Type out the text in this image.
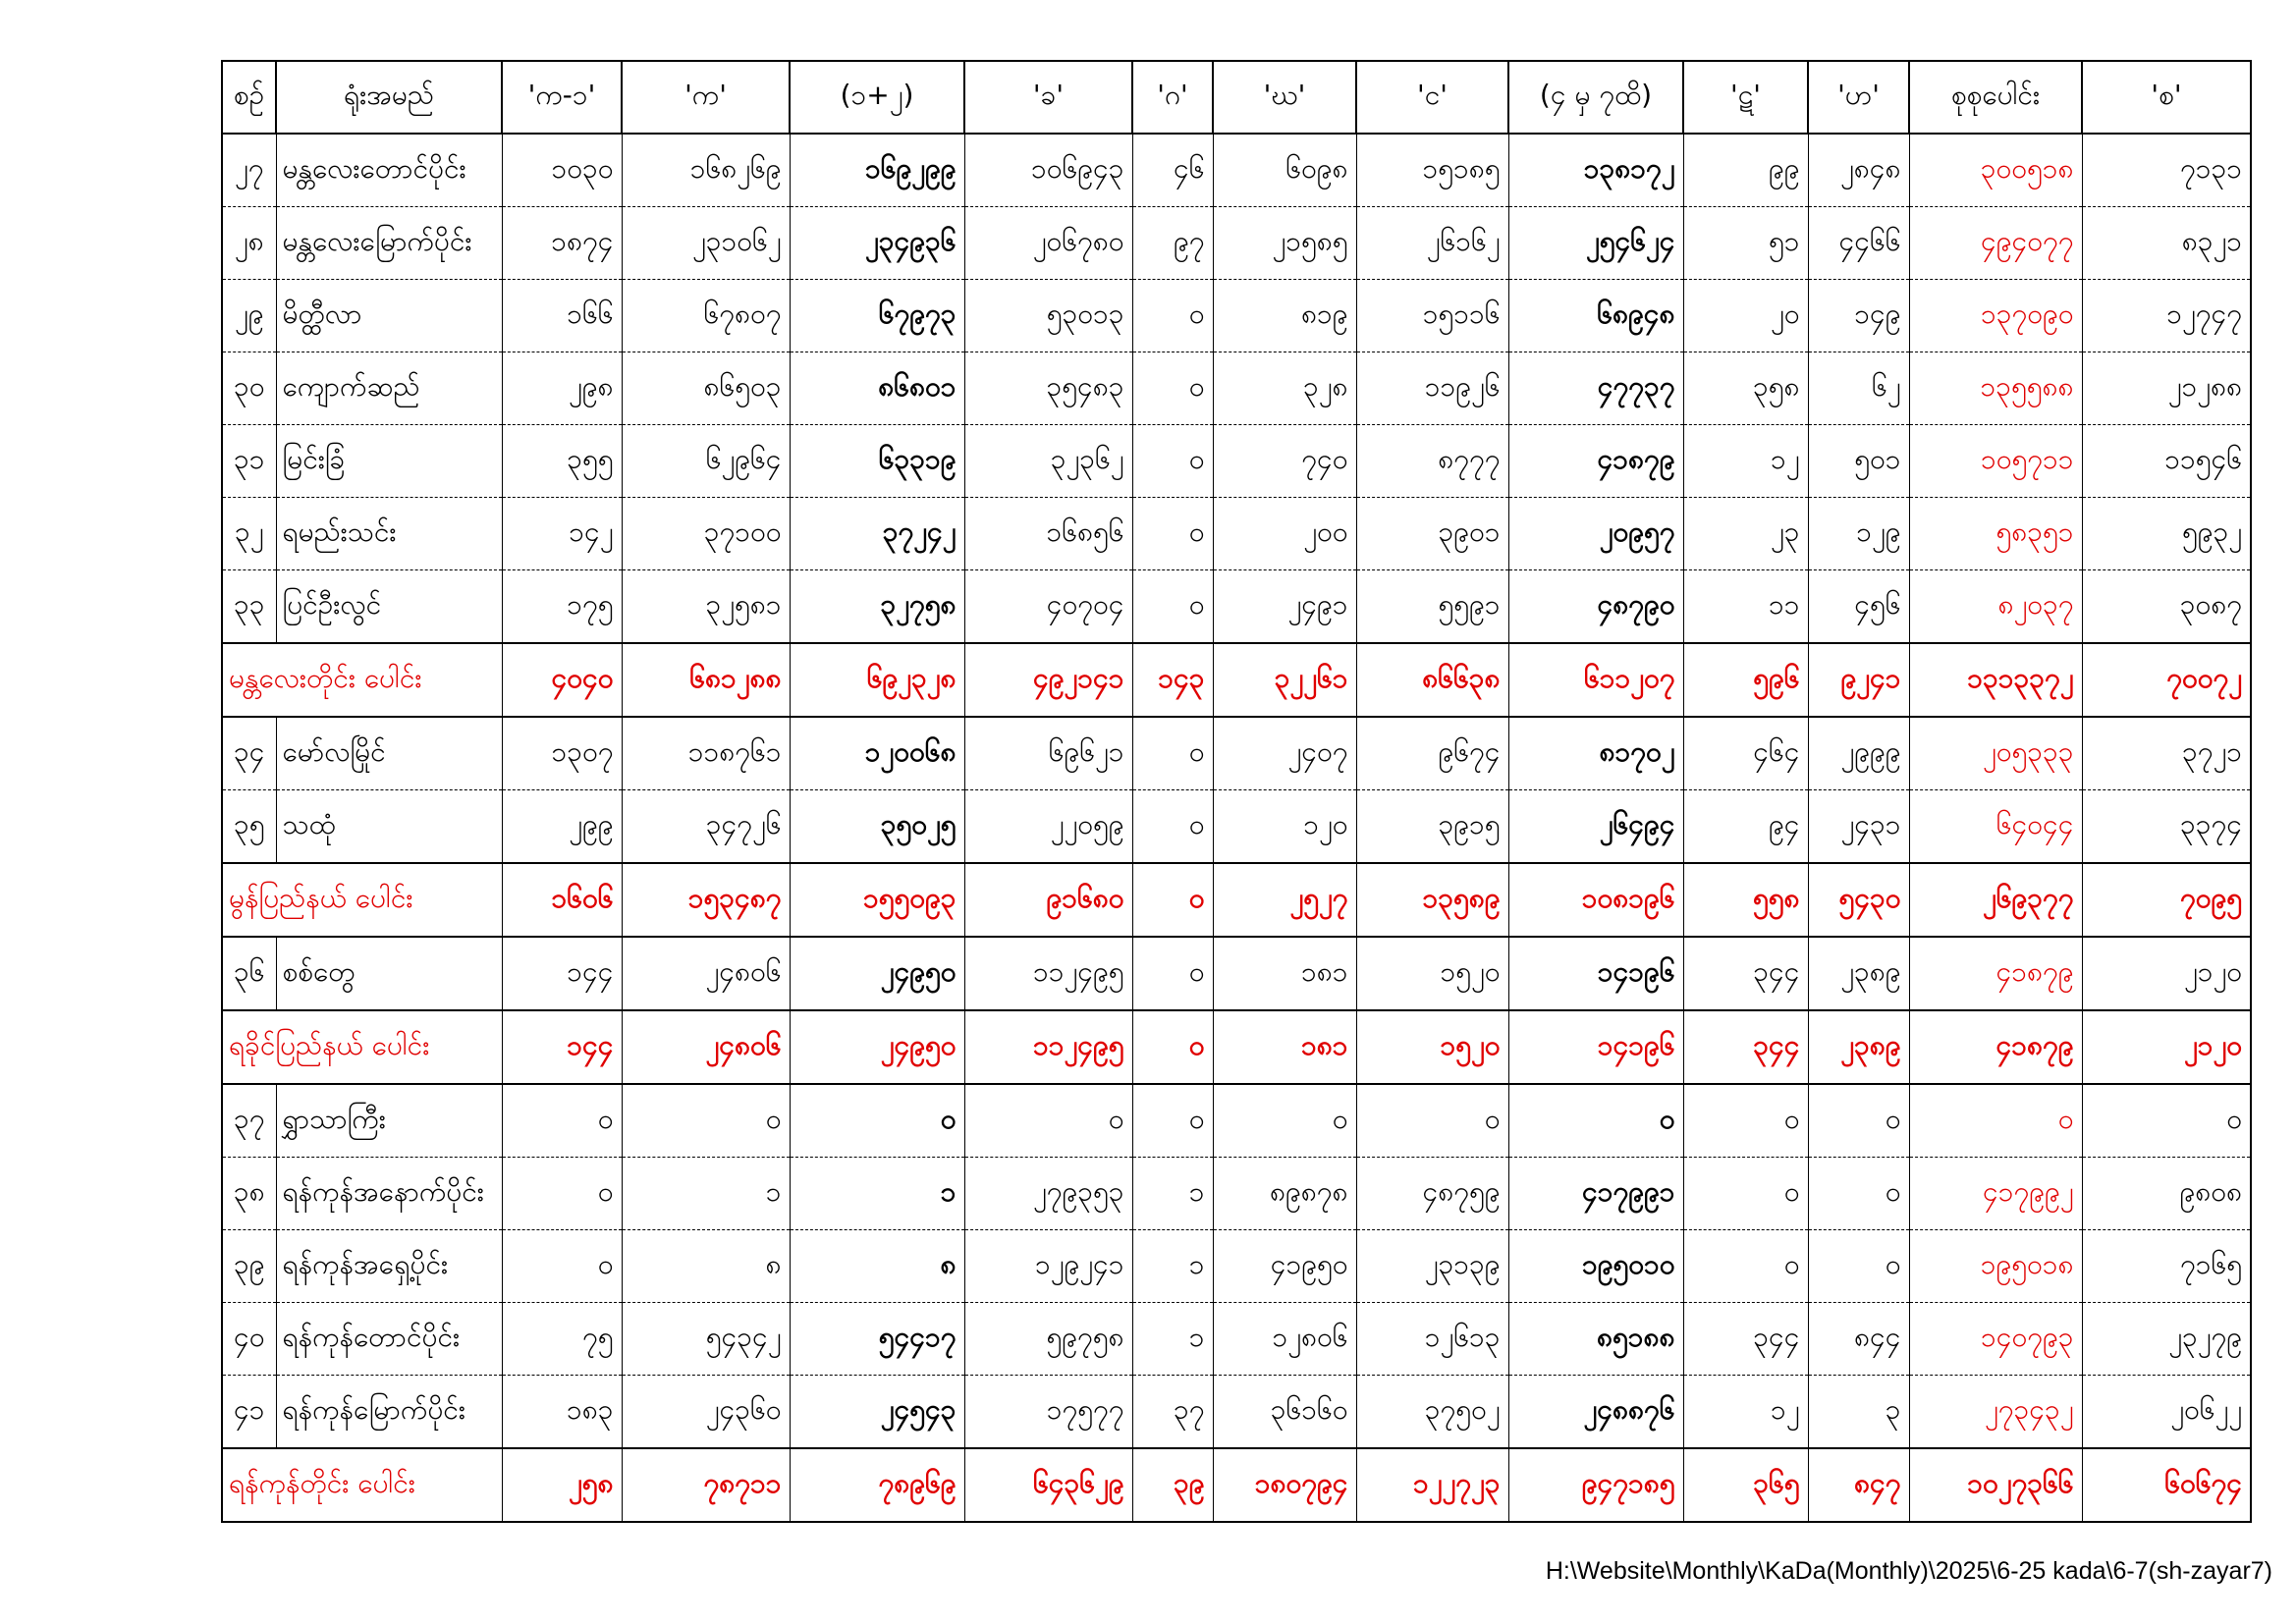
စဉ်	ရုံးအမည်	'က-၁'	'က'	(၁+၂)	'ခ'	'ဂ'	'ဃ'	'င'	(၄ မှ ၇ထိ)	'ဋ'	'ဟ'	စုစုပေါင်း	'စ'
၂၇	မန္တလေးတောင်ပိုင်း	၁၀၃၀	၁၆၈၂၆၉	၁၆၉၂၉၉	၁၀၆၉၄၃	၄၆	၆၀၉၈	၁၅၁၈၅	၁၃၈၁၇၂	၉၉	၂၈၄၈	၃၀၀၅၁၈	၇၁၃၁
၂၈	မန္တလေးမြောက်ပိုင်း	၁၈၇၄	၂၃၁၀၆၂	၂၃၄၉၃၆	၂၀၆၇၈၀	၉၇	၂၁၅၈၅	၂၆၁၆၂	၂၅၄၆၂၄	၅၁	၄၄၆၆	၄၉၄၀၇၇	၈၃၂၁
၂၉	မိတ္ထီလာ	၁၆၆	၆၇၈၀၇	၆၇၉၇၃	၅၃၀၁၃	၀	၈၁၉	၁၅၁၁၆	၆၈၉၄၈	၂၀	၁၄၉	၁၃၇၀၉၀	၁၂၇၄၇
၃၀	ကျောက်ဆည်	၂၉၈	၈၆၅၀၃	၈၆၈၀၁	၃၅၄၈၃	၀	၃၂၈	၁၁၉၂၆	၄၇၇၃၇	၃၅၈	၆၂	၁၃၅၅၈၈	၂၁၂၈၈
၃၁	မြင်းခြံ	၃၅၅	၆၂၉၆၄	၆၃၃၁၉	၃၂၃၆၂	၀	၇၄၀	၈၇၇၇	၄၁၈၇၉	၁၂	၅၀၁	၁၀၅၇၁၁	၁၁၅၄၆
၃၂	ရမည်းသင်း	၁၄၂	၃၇၁၀၀	၃၇၂၄၂	၁၆၈၅၆	၀	၂၀၀	၃၉၀၁	၂၀၉၅၇	၂၃	၁၂၉	၅၈၃၅၁	၅၉၃၂
၃၃	ပြင်ဦးလွင်	၁၇၅	၃၂၅၈၁	၃၂၇၅၈	၄၀၇၀၄	၀	၂၄၉၁	၅၅၉၁	၄၈၇၉၀	၁၁	၄၅၆	၈၂၀၃၇	၃၀၈၇
မန္တလေးတိုင်း ပေါင်း		၄၀၄၀	၆၈၁၂၈၈	၆၉၂၃၂၈	၄၉၂၁၄၁	၁၄၃	၃၂၂၆၁	၈၆၆၃၈	၆၁၁၂၀၇	၅၉၆	၉၂၄၁	၁၃၁၃၃၇၂	၇၀၀၇၂
၃၄	မော်လမြိုင်	၁၃၀၇	၁၁၈၇၆၁	၁၂၀၀၆၈	၆၉၆၂၁	၀	၂၄၀၇	၉၆၇၄	၈၁၇၀၂	၄၆၄	၂၉၉၉	၂၀၅၃၃၃	၃၇၂၁
၃၅	သထုံ	၂၉၉	၃၄၇၂၆	၃၅၀၂၅	၂၂၀၅၉	၀	၁၂၀	၃၉၁၅	၂၆၄၉၄	၉၄	၂၄၃၁	၆၄၀၄၄	၃၃၇၄
မွန်ပြည်နယ် ပေါင်း		၁၆၀၆	၁၅၃၄၈၇	၁၅၅၀၉၃	၉၁၆၈၀	၀	၂၅၂၇	၁၃၅၈၉	၁၀၈၁၉၆	၅၅၈	၅၄၃၀	၂၆၉၃၇၇	၇၀၉၅
၃၆	စစ်တွေ	၁၄၄	၂၄၈၀၆	၂၄၉၅၀	၁၁၂၄၉၅	၀	၁၈၁	၁၅၂၀	၁၄၁၉၆	၃၄၄	၂၃၈၉	၄၁၈၇၉	၂၁၂၀
ရခိုင်ပြည်နယ် ပေါင်း		၁၄၄	၂၄၈၀၆	၂၄၉၅၀	၁၁၂၄၉၅	၀	၁၈၁	၁၅၂၀	၁၄၁၉၆	၃၄၄	၂၃၈၉	၄၁၈၇၉	၂၁၂၀
၃၇	ရွှာသာကြီး	၀	၀	၀	၀	၀	၀	၀	၀	၀	၀	၀	၀
၃၈	ရန်ကုန်အနောက်ပိုင်း	၀	၁	၁	၂၇၉၃၅၃	၁	၈၉၈၇၈	၄၈၇၅၉	၄၁၇၉၉၁	၀	၀	၄၁၇၉၉၂	၉၈၀၈
၃၉	ရန်ကုန်အရှေ့ပိုင်း	၀	၈	၈	၁၂၉၂၄၁	၁	၄၁၉၅၀	၂၃၁၃၉	၁၉၅၀၁၀	၀	၀	၁၉၅၀၁၈	၇၁၆၅
၄၀	ရန်ကုန်တောင်ပိုင်း	၇၅	၅၄၃၄၂	၅၄၄၁၇	၅၉၇၅၈	၁	၁၂၈၀၆	၁၂၆၁၃	၈၅၁၈၈	၃၄၄	၈၄၄	၁၄၀၇၉၃	၂၃၂၇၉
၄၁	ရန်ကုန်မြောက်ပိုင်း	၁၈၃	၂၄၃၆၀	၂၄၅၄၃	၁၇၅၇၇	၃၇	၃၆၁၆၀	၃၇၅၀၂	၂၄၈၈၇၆	၁၂	၃	၂၇၃၄၃၂	၂၀၆၂၂
ရန်ကုန်တိုင်း ပေါင်း		၂၅၈	၇၈၇၁၁	၇၈၉၆၉	၆၄၃၆၂၉	၃၉	၁၈၀၇၉၄	၁၂၂၇၂၃	၉၄၇၁၈၅	၃၆၅	၈၄၇	၁၀၂၇၃၆၆	၆၀၆၇၄
H:\Website\Monthly\KaDa(Monthly)\2025\6-25 kada\6-7(sh-zayar7)
